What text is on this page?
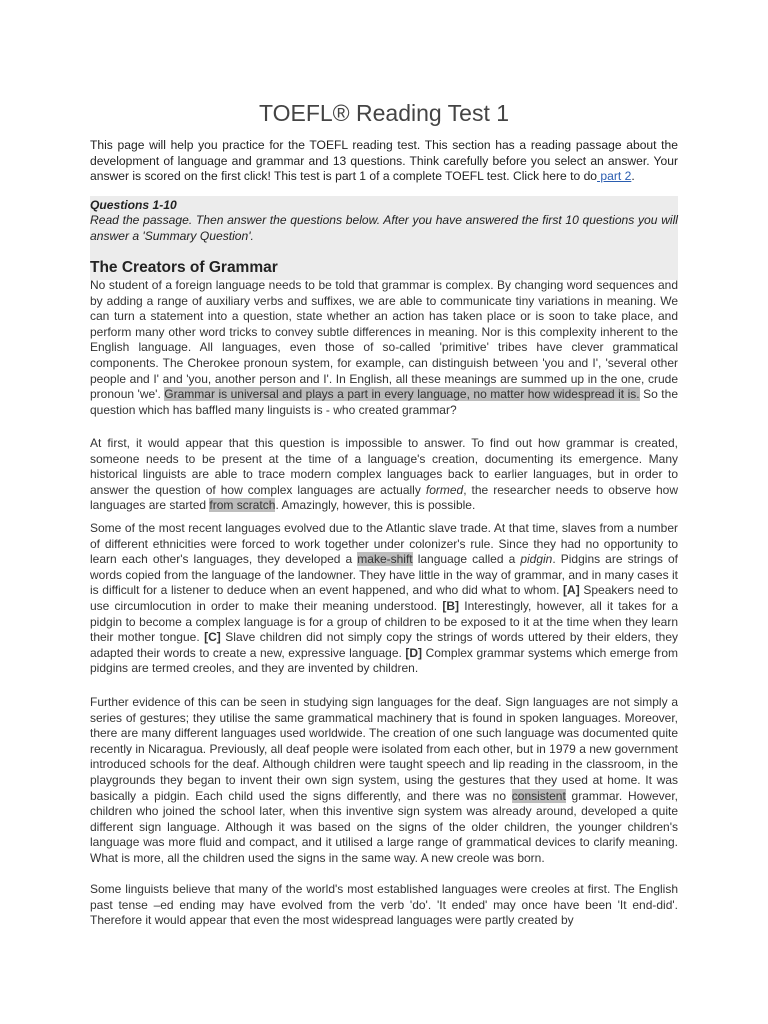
TOEFL® Reading Test 1
This page will help you practice for the TOEFL reading test. This section has a reading passage about the development of language and grammar and 13 questions. Think carefully before you select an answer. Your answer is scored on the first click! This test is part 1 of a complete TOEFL test. Click here to do part 2.
Questions 1-10
Read the passage. Then answer the questions below. After you have answered the first 10 questions you will answer a 'Summary Question'.
The Creators of Grammar

No student of a foreign language needs to be told that grammar is complex. By changing word sequences and by adding a range of auxiliary verbs and suffixes, we are able to communicate tiny variations in meaning. We can turn a statement into a question, state whether an action has taken place or is soon to take place, and perform many other word tricks to convey subtle differences in meaning. Nor is this complexity inherent to the English language. All languages, even those of so-called 'primitive' tribes have clever grammatical components. The Cherokee pronoun system, for example, can distinguish between 'you and I', 'several other people and I' and 'you, another person and I'. In English, all these meanings are summed up in the one, crude pronoun 'we'. Grammar is universal and plays a part in every language, no matter how widespread it is. So the question which has baffled many linguists is - who created grammar?

At first, it would appear that this question is impossible to answer. To find out how grammar is created, someone needs to be present at the time of a language's creation, documenting its emergence. Many historical linguists are able to trace modern complex languages back to earlier languages, but in order to answer the question of how complex languages are actually formed, the researcher needs to observe how languages are started from scratch. Amazingly, however, this is possible.

Some of the most recent languages evolved due to the Atlantic slave trade. At that time, slaves from a number of different ethnicities were forced to work together under colonizer's rule. Since they had no opportunity to learn each other's languages, they developed a make-shift language called a pidgin. Pidgins are strings of words copied from the language of the landowner. They have little in the way of grammar, and in many cases it is difficult for a listener to deduce when an event happened, and who did what to whom. [A] Speakers need to use circumlocution in order to make their meaning understood. [B] Interestingly, however, all it takes for a pidgin to become a complex language is for a group of children to be exposed to it at the time when they learn their mother tongue. [C] Slave children did not simply copy the strings of words uttered by their elders, they adapted their words to create a new, expressive language. [D] Complex grammar systems which emerge from pidgins are termed creoles, and they are invented by children.

Further evidence of this can be seen in studying sign languages for the deaf. Sign languages are not simply a series of gestures; they utilise the same grammatical machinery that is found in spoken languages. Moreover, there are many different languages used worldwide. The creation of one such language was documented quite recently in Nicaragua. Previously, all deaf people were isolated from each other, but in 1979 a new government introduced schools for the deaf. Although children were taught speech and lip reading in the classroom, in the playgrounds they began to invent their own sign system, using the gestures that they used at home. It was basically a pidgin. Each child used the signs differently, and there was no consistent grammar. However, children who joined the school later, when this inventive sign system was already around, developed a quite different sign language. Although it was based on the signs of the older children, the younger children's language was more fluid and compact, and it utilised a large range of grammatical devices to clarify meaning. What is more, all the children used the signs in the same way. A new creole was born.

Some linguists believe that many of the world's most established languages were creoles at first. The English past tense –ed ending may have evolved from the verb 'do'. 'It ended' may once have been 'It end-did'. Therefore it would appear that even the most widespread languages were partly created by
